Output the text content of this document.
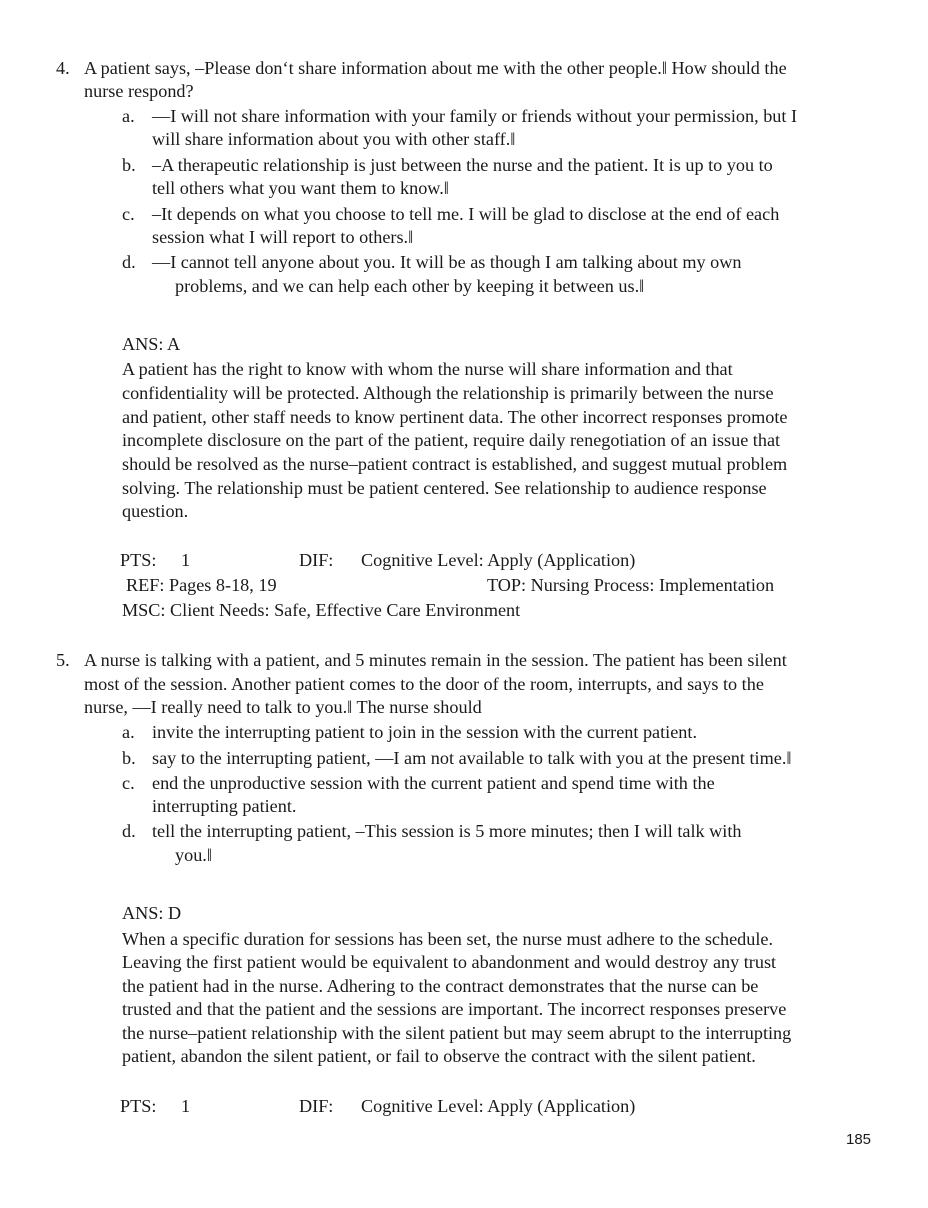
4. A patient says, –Please don‘t share information about me with the other people.‖ How should the
nurse respond?
a. —I will not share information with your family or friends without your permission, but I
will share information about you with other staff.‖
b. –A therapeutic relationship is just between the nurse and the patient. It is up to you to
tell others what you want them to know.‖
c. –It depends on what you choose to tell me. I will be glad to disclose at the end of each
session what I will report to others.‖
d. —I cannot tell anyone about you. It will be as though I am talking about my own
problems, and we can help each other by keeping it between us.‖
ANS: A
A patient has the right to know with whom the nurse will share information and that
confidentiality will be protected. Although the relationship is primarily between the nurse
and patient, other staff needs to know pertinent data. The other incorrect responses promote
incomplete disclosure on the part of the patient, require daily renegotiation of an issue that
should be resolved as the nurse–patient contract is established, and suggest mutual problem
solving. The relationship must be patient centered. See relationship to audience response
question.
PTS: 1	DIF: Cognitive Level: Apply (Application)
REF: Pages 8-18, 19	TOP: Nursing Process: Implementation
MSC: Client Needs: Safe, Effective Care Environment
5. A nurse is talking with a patient, and 5 minutes remain in the session. The patient has been silent
most of the session. Another patient comes to the door of the room, interrupts, and says to the
nurse, —I really need to talk to you.‖ The nurse should
a. invite the interrupting patient to join in the session with the current patient.
b. say to the interrupting patient, —I am not available to talk with you at the present time.‖
c. end the unproductive session with the current patient and spend time with the
interrupting patient.
d. tell the interrupting patient, –This session is 5 more minutes; then I will talk with
you.‖
ANS: D
When a specific duration for sessions has been set, the nurse must adhere to the schedule.
Leaving the first patient would be equivalent to abandonment and would destroy any trust
the patient had in the nurse. Adhering to the contract demonstrates that the nurse can be
trusted and that the patient and the sessions are important. The incorrect responses preserve
the nurse–patient relationship with the silent patient but may seem abrupt to the interrupting
patient, abandon the silent patient, or fail to observe the contract with the silent patient.
PTS: 1	DIF: Cognitive Level: Apply (Application)
185
